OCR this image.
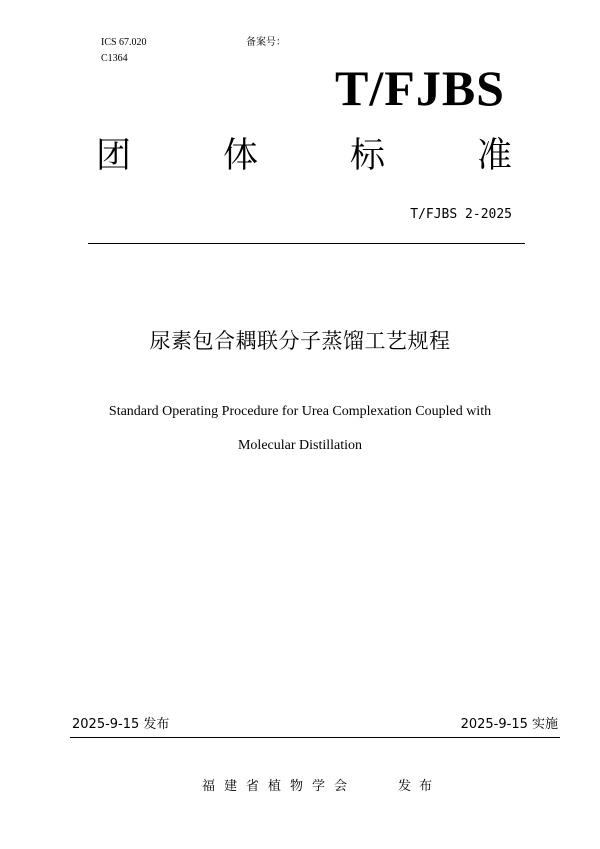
ICS 67.020
C1364
备案号：
T/FJBS
团	体	标	准
T/FJBS 2-2025
尿素包合耦联分子蒸馏工艺规程
Standard Operating Procedure for Urea Complexation Coupled with
Molecular Distillation
2025-9-15 发布	2025-9-15 实施
福建省植物学会	发布
